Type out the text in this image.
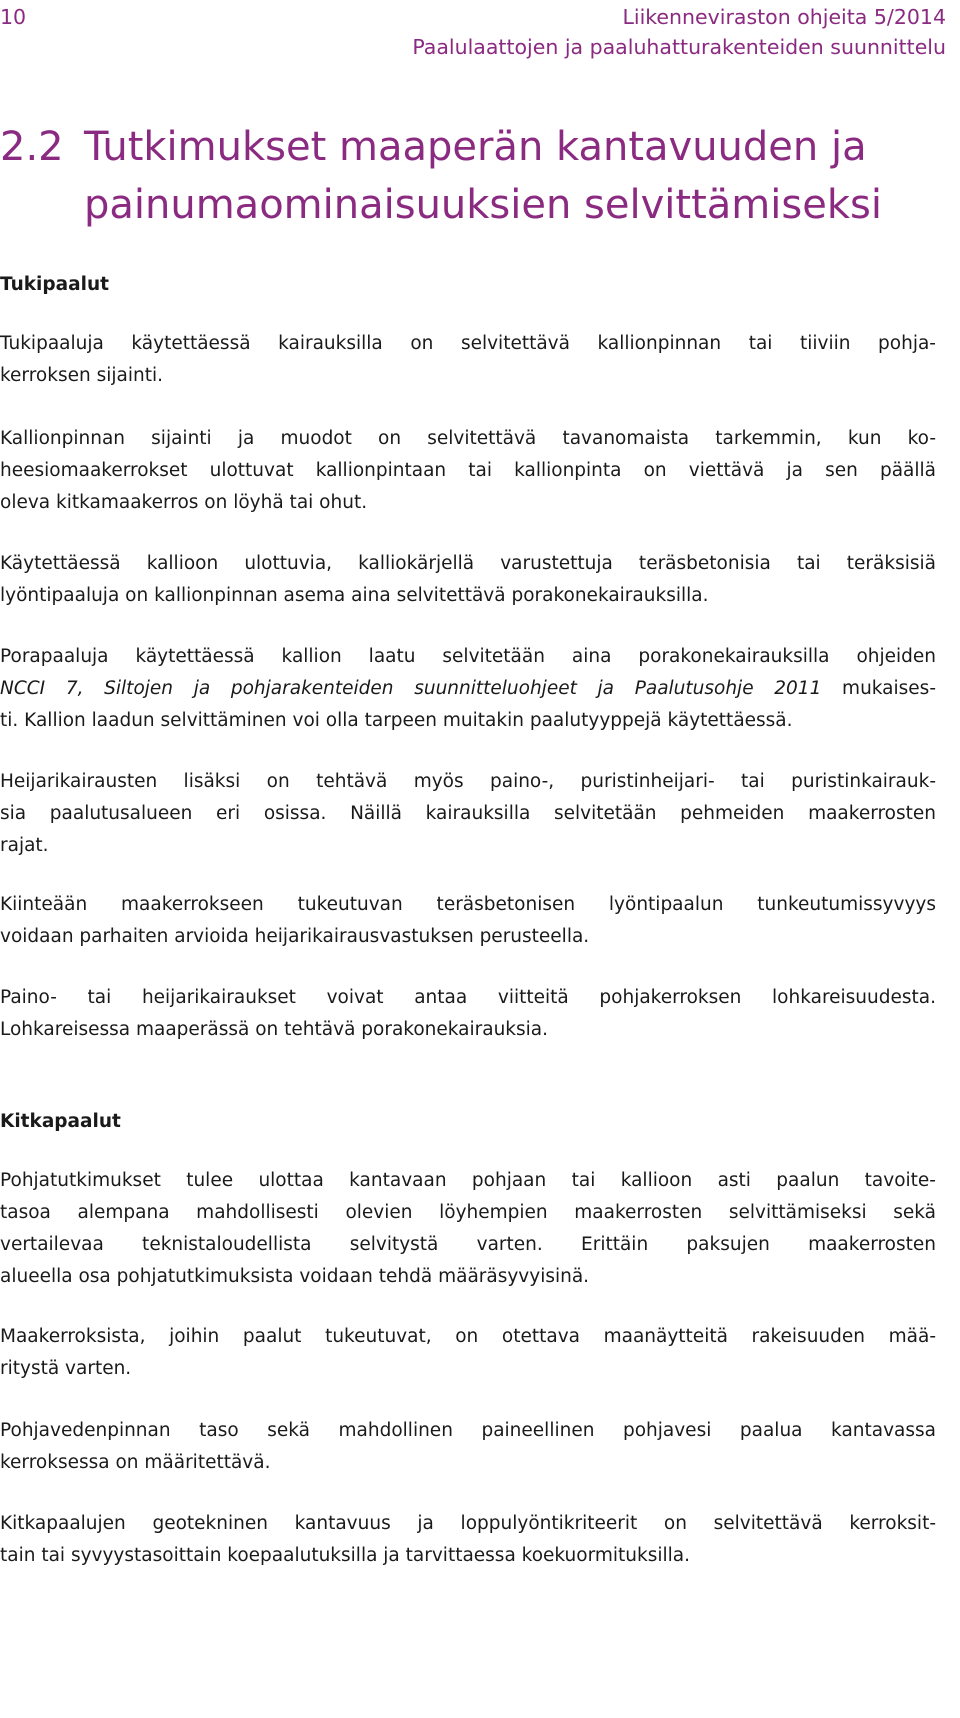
10	Liikenneviraston ohjeita 5/2014
Paalulaattojen ja paaluhatturakenteiden suunnittelu
2.2 Tutkimukset maaperän kantavuuden ja
painumaominaisuuksien selvittämiseksi
Tukipaalut

Tukipaaluja käytettäessä kairauksilla on selvitettävä kallionpinnan tai tiiviin pohja-
kerroksen sijainti.

Kallionpinnan sijainti ja muodot on selvitettävä tavanomaista tarkemmin, kun ko-
heesiomaakerrokset ulottuvat kallionpintaan tai kallionpinta on viettävä ja sen päällä
oleva kitkamaakerros on löyhä tai ohut.

Käytettäessä kallioon ulottuvia, kalliokärjellä varustettuja teräsbetonisia tai teräksisiä
lyöntipaaluja on kallionpinnan asema aina selvitettävä porakonekairauksilla.

Porapaaluja käytettäessä kallion laatu selvitetään aina porakonekairauksilla ohjeiden
NCCI 7, Siltojen ja pohjarakenteiden suunnitteluohjeet ja Paalutusohje 2011 mukaises-
ti. Kallion laadun selvittäminen voi olla tarpeen muitakin paalutyyppejä käytettäessä.

Heijarikairausten lisäksi on tehtävä myös paino-, puristinheijari- tai puristinkairauk-
sia paalutusalueen eri osissa. Näillä kairauksilla selvitetään pehmeiden maakerrosten
rajat.

Kiinteään maakerrokseen tukeutuvan teräsbetonisen lyöntipaalun tunkeutumissyvyys
voidaan parhaiten arvioida heijarikairausvastuksen perusteella.

Paino- tai heijarikairaukset voivat antaa viitteitä pohjakerroksen lohkareisuudesta.
Lohkareisessa maaperässä on tehtävä porakonekairauksia.

Kitkapaalut

Pohjatutkimukset tulee ulottaa kantavaan pohjaan tai kallioon asti paalun tavoite-
tasoa alempana mahdollisesti olevien löyhempien maakerrosten selvittämiseksi sekä
vertailevaa teknistaloudellista selvitystä varten. Erittäin paksujen maakerrosten
alueella osa pohjatutkimuksista voidaan tehdä määräsyvyisinä.

Maakerroksista, joihin paalut tukeutuvat, on otettava maanäytteitä rakeisuuden mää-
ritystä varten.

Pohjavedenpinnan taso sekä mahdollinen paineellinen pohjavesi paalua kantavassa
kerroksessa on määritettävä.

Kitkapaalujen geotekninen kantavuus ja loppulyöntikriteerit on selvitettävä kerroksit-
tain tai syvyystasoittain koepaalutuksilla ja tarvittaessa koekuormituksilla.
